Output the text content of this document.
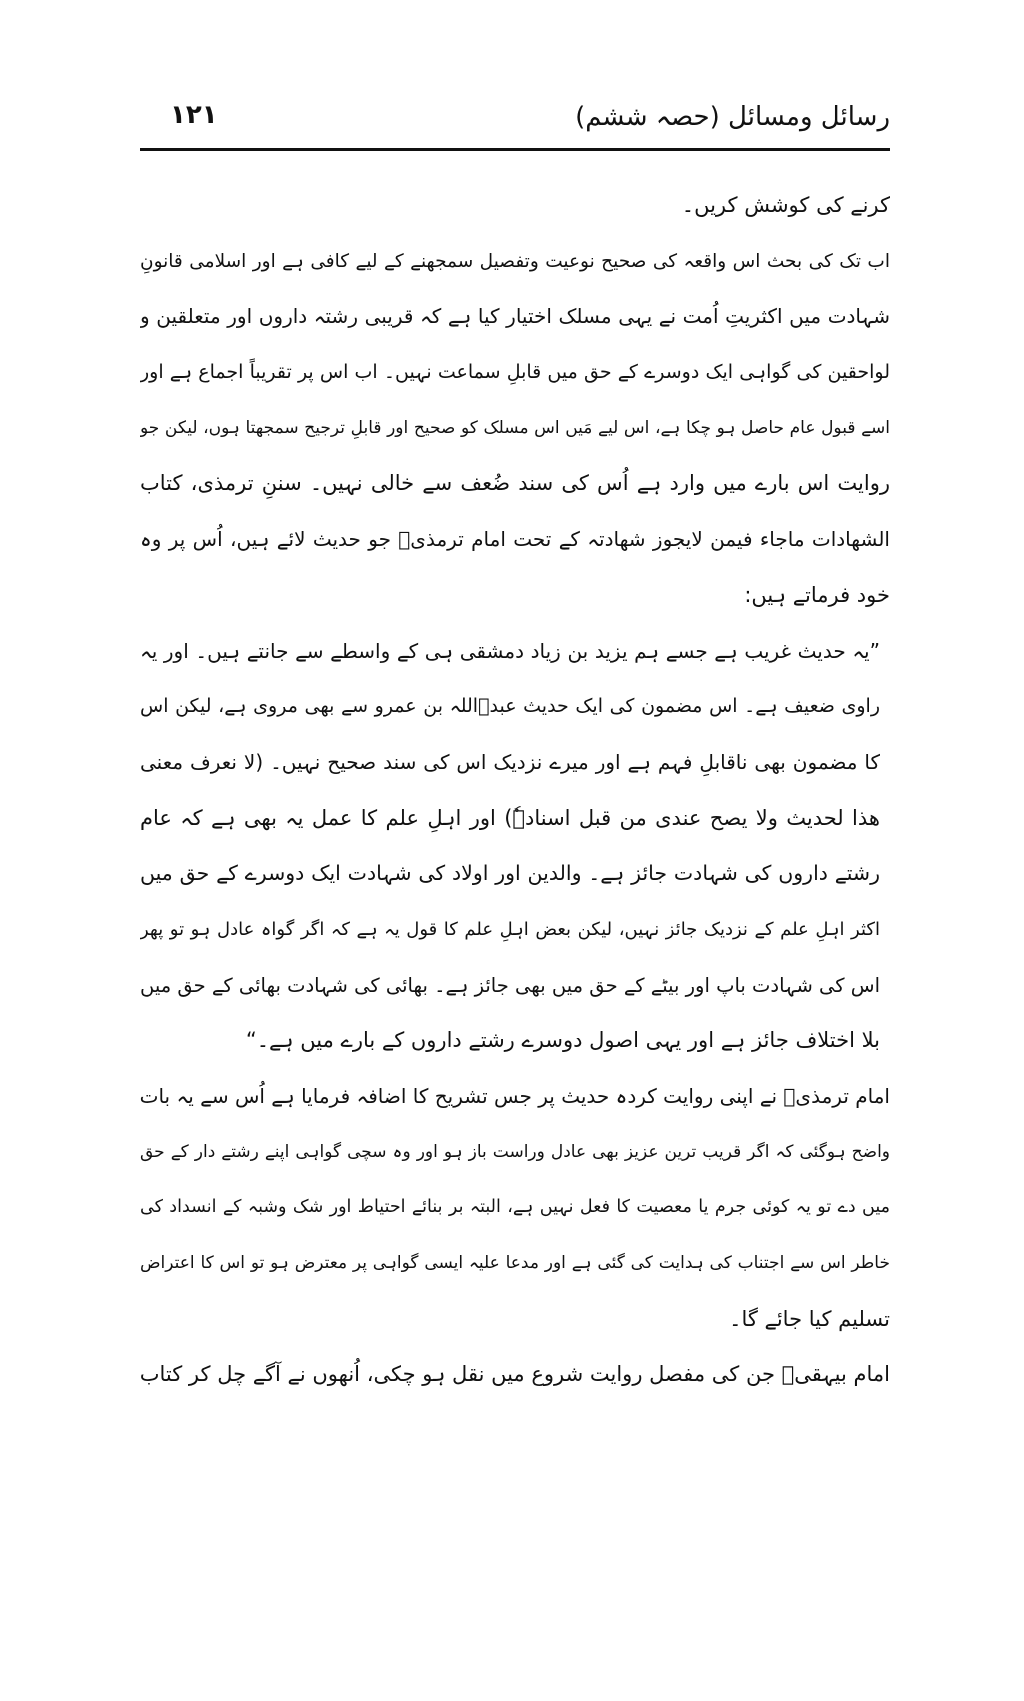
۱۲۱	رسائل ومسائل (حصہ ششم)
کرنے کی کوشش کریں۔
اب تک کی بحث اس واقعہ کی صحیح نوعیت وتفصیل سمجھنے کے لیے کافی ہے اور اسلامی قانونِ
شہادت میں اکثریتِ اُمت نے یہی مسلک اختیار کیا ہے کہ قریبی رشتہ داروں اور متعلقین و
لواحقین کی گواہی ایک دوسرے کے حق میں قابلِ سماعت نہیں۔ اب اس پر تقریباً اجماع ہے اور
اسے قبول عام حاصل ہو چکا ہے، اس لیے مَیں اس مسلک کو صحیح اور قابلِ ترجیح سمجھتا ہوں، لیکن جو
روایت اس بارے میں وارد ہے اُس کی سند ضُعف سے خالی نہیں۔ سننِ ترمذی، کتاب
الشھادات ماجاء فیمن لایجوز شھادتہ کے تحت امام ترمذیؒ جو حدیث لائے ہیں، اُس پر وہ
خود فرماتے ہیں:
”یہ حدیث غریب ہے جسے ہم یزید بن زیاد دمشقی ہی کے واسطے سے جانتے ہیں۔ اور یہ
راوی ضعیف ہے۔ اس مضمون کی ایک حدیث عبدؓاللہ بن عمرو سے بھی مروی ہے، لیکن اس
کا مضمون بھی ناقابلِ فہم ہے اور میرے نزدیک اس کی سند صحیح نہیں۔ (لا نعرف معنی
ھذا لحدیث ولا یصح عندی من قبل اسنادہٗ) اور اہلِ علم کا عمل یہ بھی ہے کہ عام
رشتے داروں کی شہادت جائز ہے۔ والدین اور اولاد کی شہادت ایک دوسرے کے حق میں
اکثر اہلِ علم کے نزدیک جائز نہیں، لیکن بعض اہلِ علم کا قول یہ ہے کہ اگر گواہ عادل ہو تو پھر
اس کی شہادت باپ اور بیٹے کے حق میں بھی جائز ہے۔ بھائی کی شہادت بھائی کے حق میں
بلا اختلاف جائز ہے اور یہی اصول دوسرے رشتے داروں کے بارے میں ہے۔“
امام ترمذیؒ نے اپنی روایت کردہ حدیث پر جس تشریح کا اضافہ فرمایا ہے اُس سے یہ بات
واضح ہوگئی کہ اگر قریب ترین عزیز بھی عادل وراست باز ہو اور وہ سچی گواہی اپنے رشتے دار کے حق
میں دے تو یہ کوئی جرم یا معصیت کا فعل نہیں ہے، البتہ بر بنائے احتیاط اور شک وشبہ کے انسداد کی
خاطر اس سے اجتناب کی ہدایت کی گئی ہے اور مدعا علیہ ایسی گواہی پر معترض ہو تو اس کا اعتراض
تسلیم کیا جائے گا۔
امام بیہقیؒ جن کی مفصل روایت شروع میں نقل ہو چکی، اُنھوں نے آگے چل کر کتاب
